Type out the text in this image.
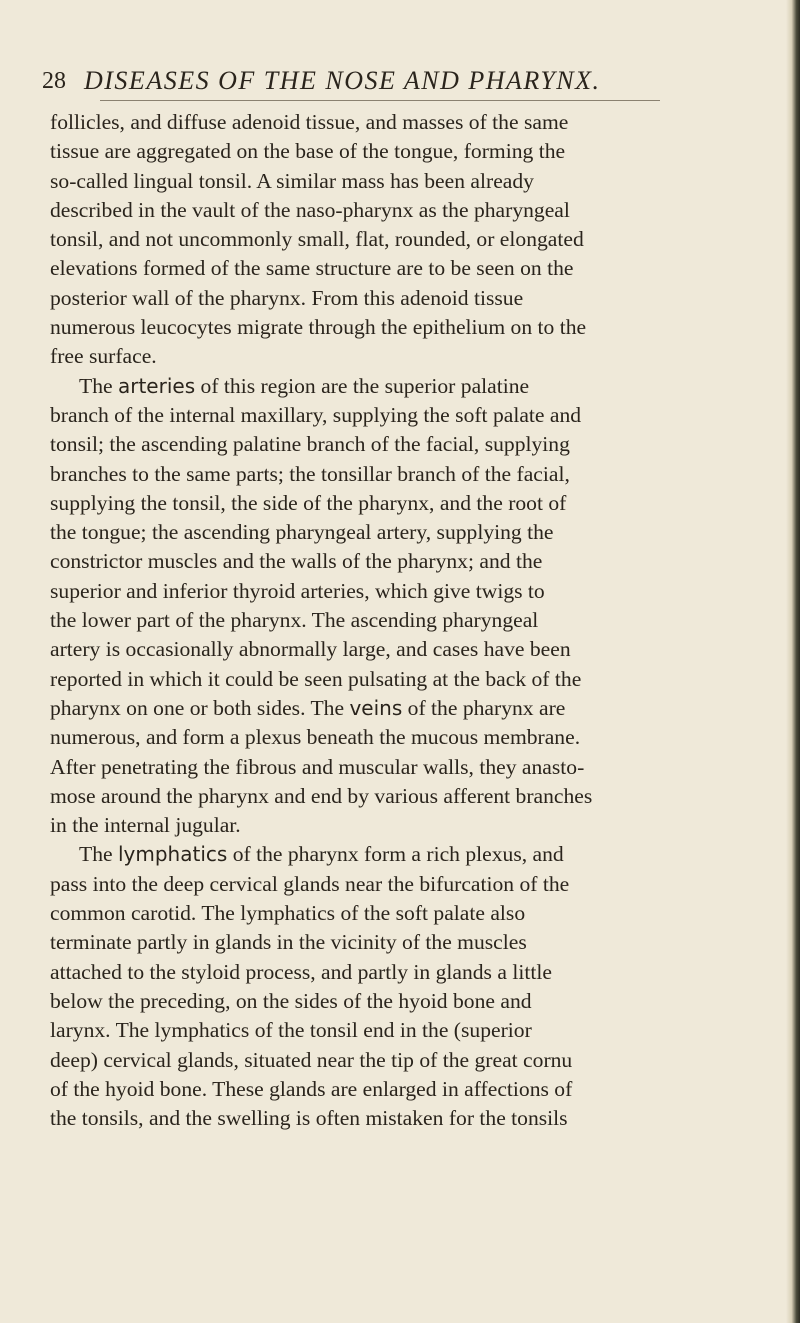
28 DISEASES OF THE NOSE AND PHARYNX.
follicles, and diffuse adenoid tissue, and masses of the same
tissue are aggregated on the base of the tongue, forming the
so-called lingual tonsil. A similar mass has been already
described in the vault of the naso-pharynx as the pharyngeal
tonsil, and not uncommonly small, flat, rounded, or elongated
elevations formed of the same structure are to be seen on the
posterior wall of the pharynx. From this adenoid tissue
numerous leucocytes migrate through the epithelium on to the
free surface.
The arteries of this region are the superior palatine
branch of the internal maxillary, supplying the soft palate and
tonsil; the ascending palatine branch of the facial, supplying
branches to the same parts; the tonsillar branch of the facial,
supplying the tonsil, the side of the pharynx, and the root of
the tongue; the ascending pharyngeal artery, supplying the
constrictor muscles and the walls of the pharynx; and the
superior and inferior thyroid arteries, which give twigs to
the lower part of the pharynx. The ascending pharyngeal
artery is occasionally abnormally large, and cases have been
reported in which it could be seen pulsating at the back of the
pharynx on one or both sides. The veins of the pharynx are
numerous, and form a plexus beneath the mucous membrane.
After penetrating the fibrous and muscular walls, they anasto-
mose around the pharynx and end by various afferent branches
in the internal jugular.
The lymphatics of the pharynx form a rich plexus, and
pass into the deep cervical glands near the bifurcation of the
common carotid. The lymphatics of the soft palate also
terminate partly in glands in the vicinity of the muscles
attached to the styloid process, and partly in glands a little
below the preceding, on the sides of the hyoid bone and
larynx. The lymphatics of the tonsil end in the (superior
deep) cervical glands, situated near the tip of the great cornu
of the hyoid bone. These glands are enlarged in affections of
the tonsils, and the swelling is often mistaken for the tonsils
